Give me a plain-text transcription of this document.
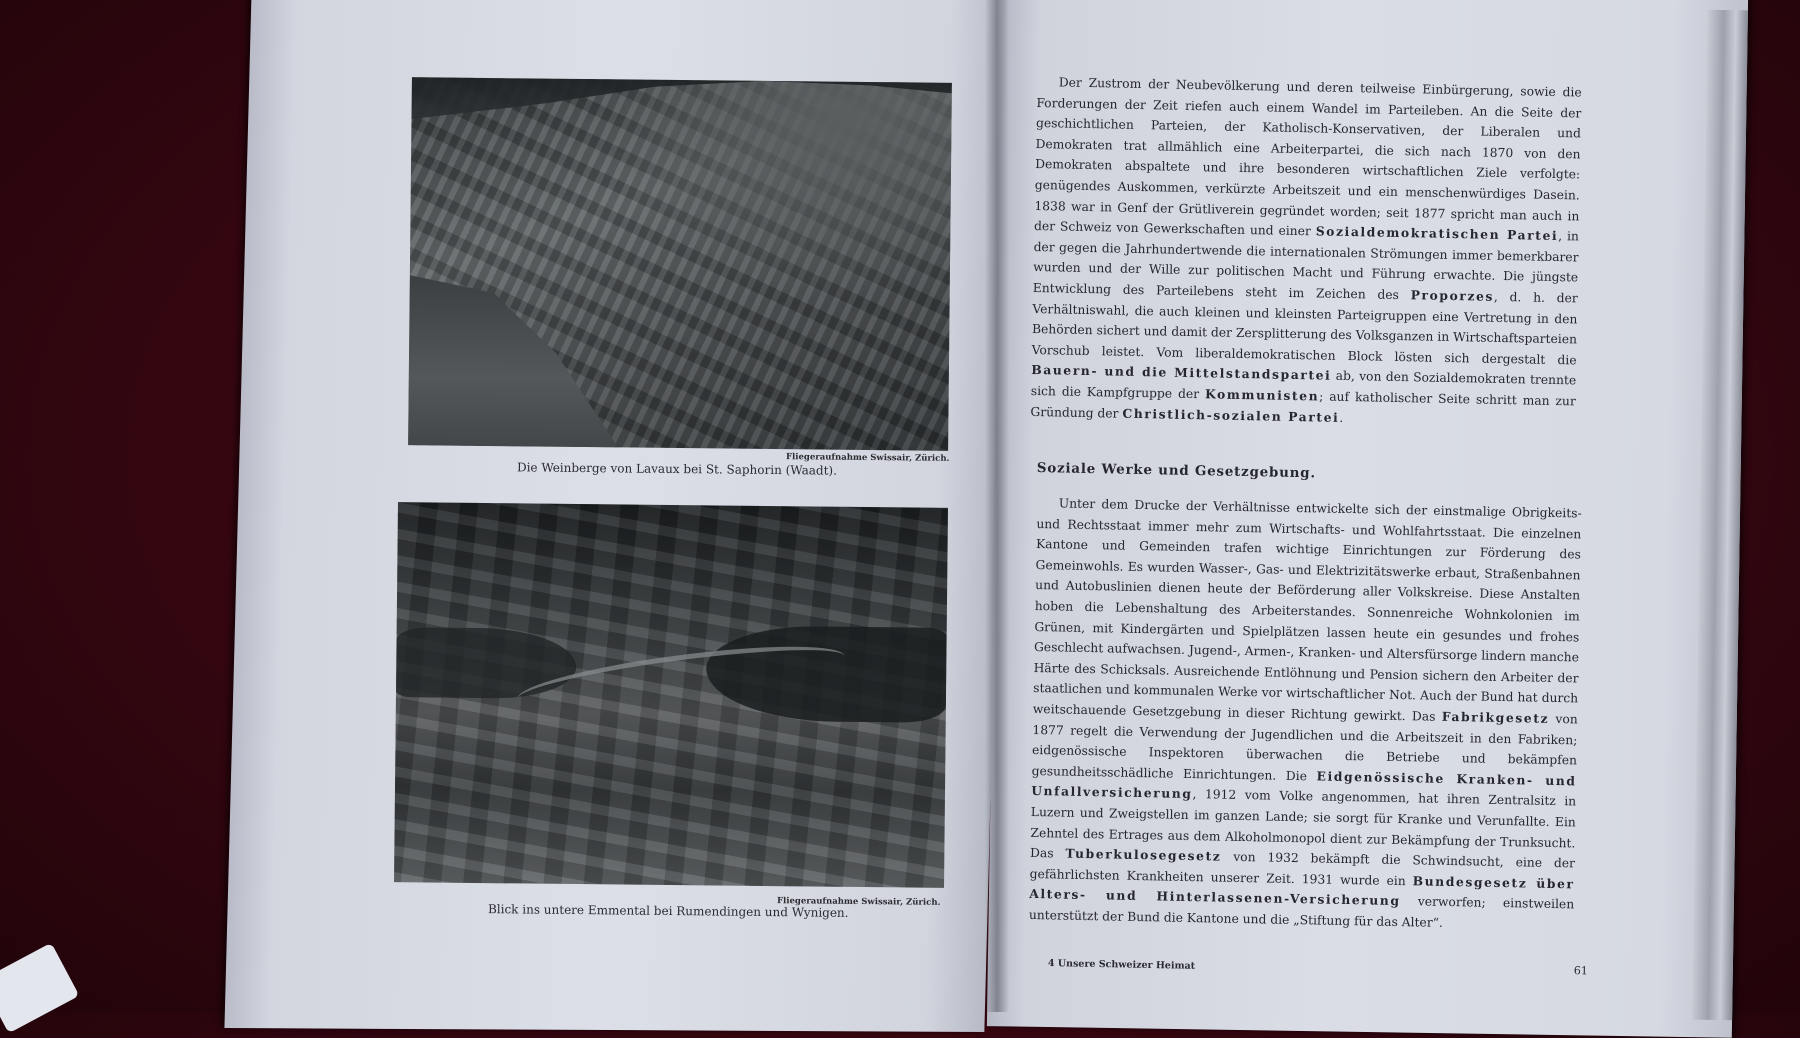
Fliegeraufnahme Swissair, Zürich.
Die Weinberge von Lavaux bei St. Saphorin (Waadt).
Fliegeraufnahme Swissair, Zürich.
Blick ins untere Emmental bei Rumendingen und Wynigen.

Der Zustrom der Neubevölkerung und deren teilweise Einbürgerung, sowie die Forderungen der Zeit riefen auch einem Wandel im Parteileben. An die Seite der geschichtlichen Parteien, der Katholisch-Konservativen, der Liberalen und Demokraten trat allmählich eine Arbeiterpartei, die sich nach 1870 von den Demokraten abspaltete und ihre besonderen wirtschaftlichen Ziele verfolgte: genügendes Auskommen, verkürzte Arbeitszeit und ein menschenwürdiges Dasein. 1838 war in Genf der Grütliverein gegründet worden; seit 1877 spricht man auch in der Schweiz von Gewerkschaften und einer Sozialdemokratischen Partei, in der gegen die Jahrhundertwende die internationalen Strömungen immer bemerkbarer wurden und der Wille zur politischen Macht und Führung erwachte. Die jüngste Entwicklung des Parteilebens steht im Zeichen des Proporzes, d. h. der Verhältniswahl, die auch kleinen und kleinsten Parteigruppen eine Vertretung in den Behörden sichert und damit der Zersplitterung des Volksganzen in Wirtschaftsparteien Vorschub leistet. Vom liberaldemokratischen Block lösten sich dergestalt die Bauern- und die Mittelstandspartei ab, von den Sozialdemokraten trennte sich die Kampfgruppe der Kommunisten; auf katholischer Seite schritt man zur Gründung der Christlich-sozialen Partei.

Soziale Werke und Gesetzgebung.

Unter dem Drucke der Verhältnisse entwickelte sich der einstmalige Obrigkeits- und Rechtsstaat immer mehr zum Wirtschafts- und Wohlfahrtsstaat. Die einzelnen Kantone und Gemeinden trafen wichtige Einrichtungen zur Förderung des Gemeinwohls. Es wurden Wasser-, Gas- und Elektrizitätswerke erbaut, Straßenbahnen und Autobuslinien dienen heute der Beförderung aller Volkskreise. Diese Anstalten hoben die Lebenshaltung des Arbeiterstandes. Sonnenreiche Wohnkolonien im Grünen, mit Kindergärten und Spielplätzen lassen heute ein gesundes und frohes Geschlecht aufwachsen. Jugend-, Armen-, Kranken- und Altersfürsorge lindern manche Härte des Schicksals. Ausreichende Entlöhnung und Pension sichern den Arbeiter der staatlichen und kommunalen Werke vor wirtschaftlicher Not. Auch der Bund hat durch weitschauende Gesetzgebung in dieser Richtung gewirkt. Das Fabrikgesetz von 1877 regelt die Verwendung der Jugendlichen und die Arbeitszeit in den Fabriken; eidgenössische Inspektoren überwachen die Betriebe und bekämpfen gesundheitsschädliche Einrichtungen. Die Eidgenössische Kranken- und Unfallversicherung, 1912 vom Volke angenommen, hat ihren Zentralsitz in Luzern und Zweigstellen im ganzen Lande; sie sorgt für Kranke und Verunfallte. Ein Zehntel des Ertrages aus dem Alkoholmonopol dient zur Bekämpfung der Trunksucht. Das Tuberkulosegesetz von 1932 bekämpft die Schwindsucht, eine der gefährlichsten Krankheiten unserer Zeit. 1931 wurde ein Bundesgesetz über Alters- und Hinterlassenen-Versicherung verworfen; einstweilen unterstützt der Bund die Kantone und die „Stiftung für das Alter“.

4 Unsere Schweizer Heimat	61
